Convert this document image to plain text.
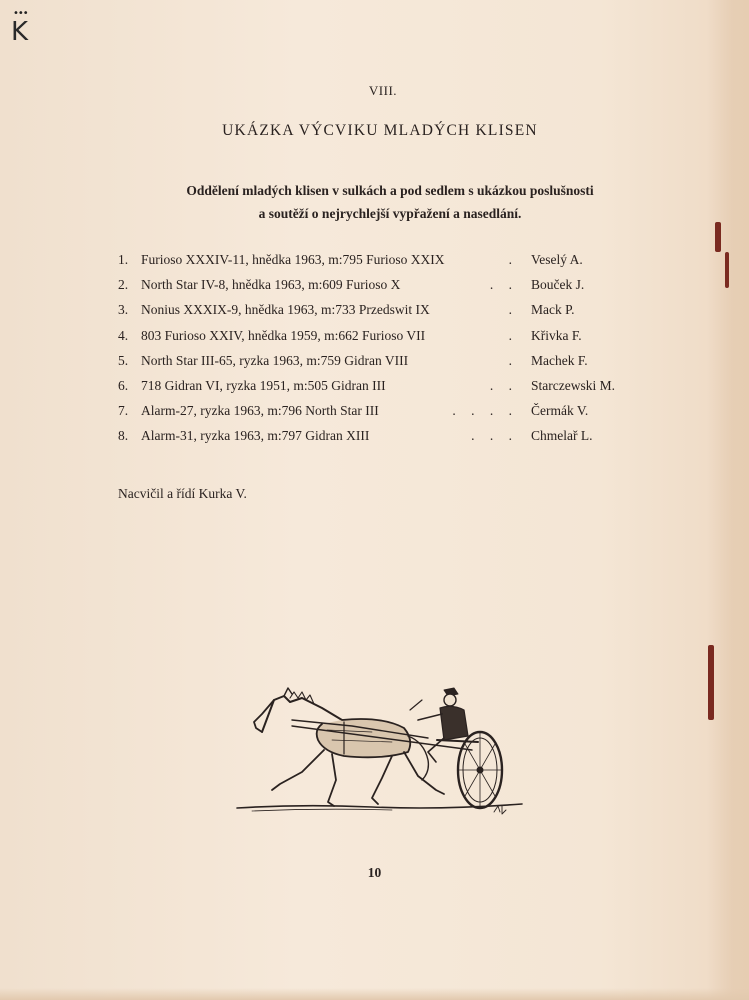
•••
K
VIII.
UKÁZKA VÝCVIKU MLADÝCH KLISEN
Oddělení mladých klisen v sulkách a pod sedlem s ukázkou poslušnosti
a soutěží o nejrychlejší vypřažení a nasedlání.
1. Furioso XXXIV-11, hnědka 1963, m:795 Furioso XXIX	. Veselý A.
2. North Star IV-8, hnědka 1963, m:609 Furioso X	. . Bouček J.
3. Nonius XXXIX-9, hnědka 1963, m:733 Przedswit IX	. Mack P.
4. 803 Furioso XXIV, hnědka 1959, m:662 Furioso VII	. Křivka F.
5. North Star III-65, ryzka 1963, m:759 Gidran VIII	. Machek F.
6. 718 Gidran VI, ryzka 1951, m:505 Gidran III	. . Starczewski M.
7. Alarm-27, ryzka 1963, m:796 North Star III	. . . . Čermák V.
8. Alarm-31, ryzka 1963, m:797 Gidran XIII	. . . Chmelař L.
Nacvičil a řídí Kurka V.
10
